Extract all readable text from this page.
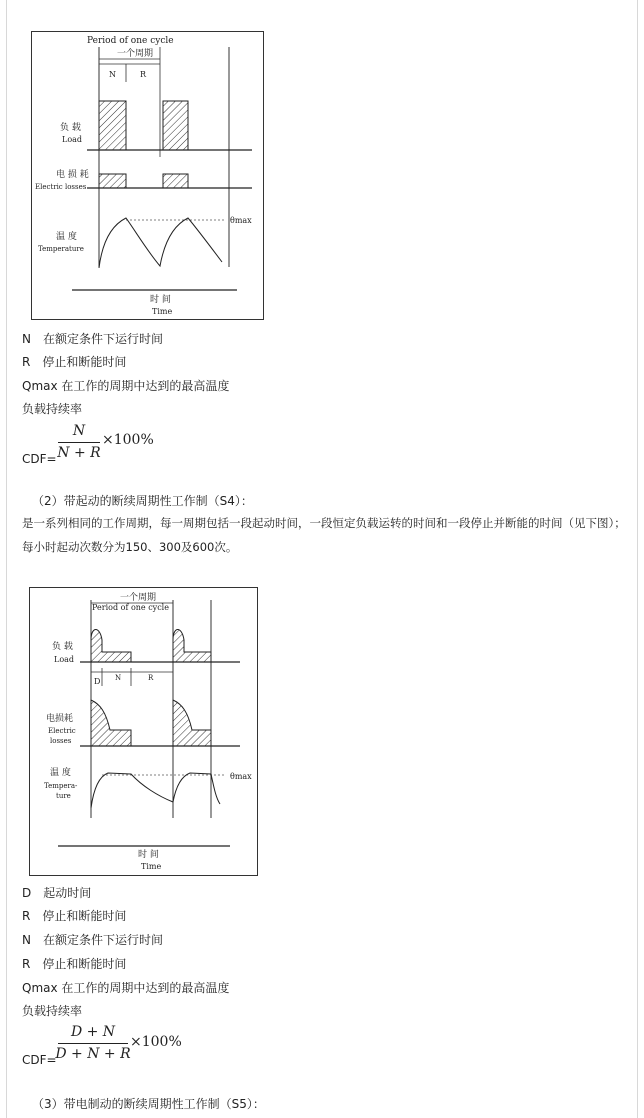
Period of one cycle
一个周期
N	R
负 载
Load
电 损 耗
Electric losses
θmax
温 度
Temperature
时 间
Time
N　在额定条件下运行时间
R　停止和断能时间
Qmax 在工作的周期中达到的最高温度
负载持续率
CDF=
N
N + R
×100%
（2）带起动的断续周期性工作制（S4）：
是一系列相同的工作周期，每一周期包括一段起动时间，一段恒定负载运转的时间和一段停止并断能的时间（见下图）；每小时起动次数分为150、300及600次。
一个周期
Period of one cycle
负 载
Load
D N	R
电损耗
Electric
losses
温 度
Tempera-
ture
θmax
时 间
Time
D　起动时间
R　停止和断能时间
N　在额定条件下运行时间
R　停止和断能时间
Qmax 在工作的周期中达到的最高温度
负载持续率
CDF=
D + N
D + N + R
×100%
（3）带电制动的断续周期性工作制（S5）：
